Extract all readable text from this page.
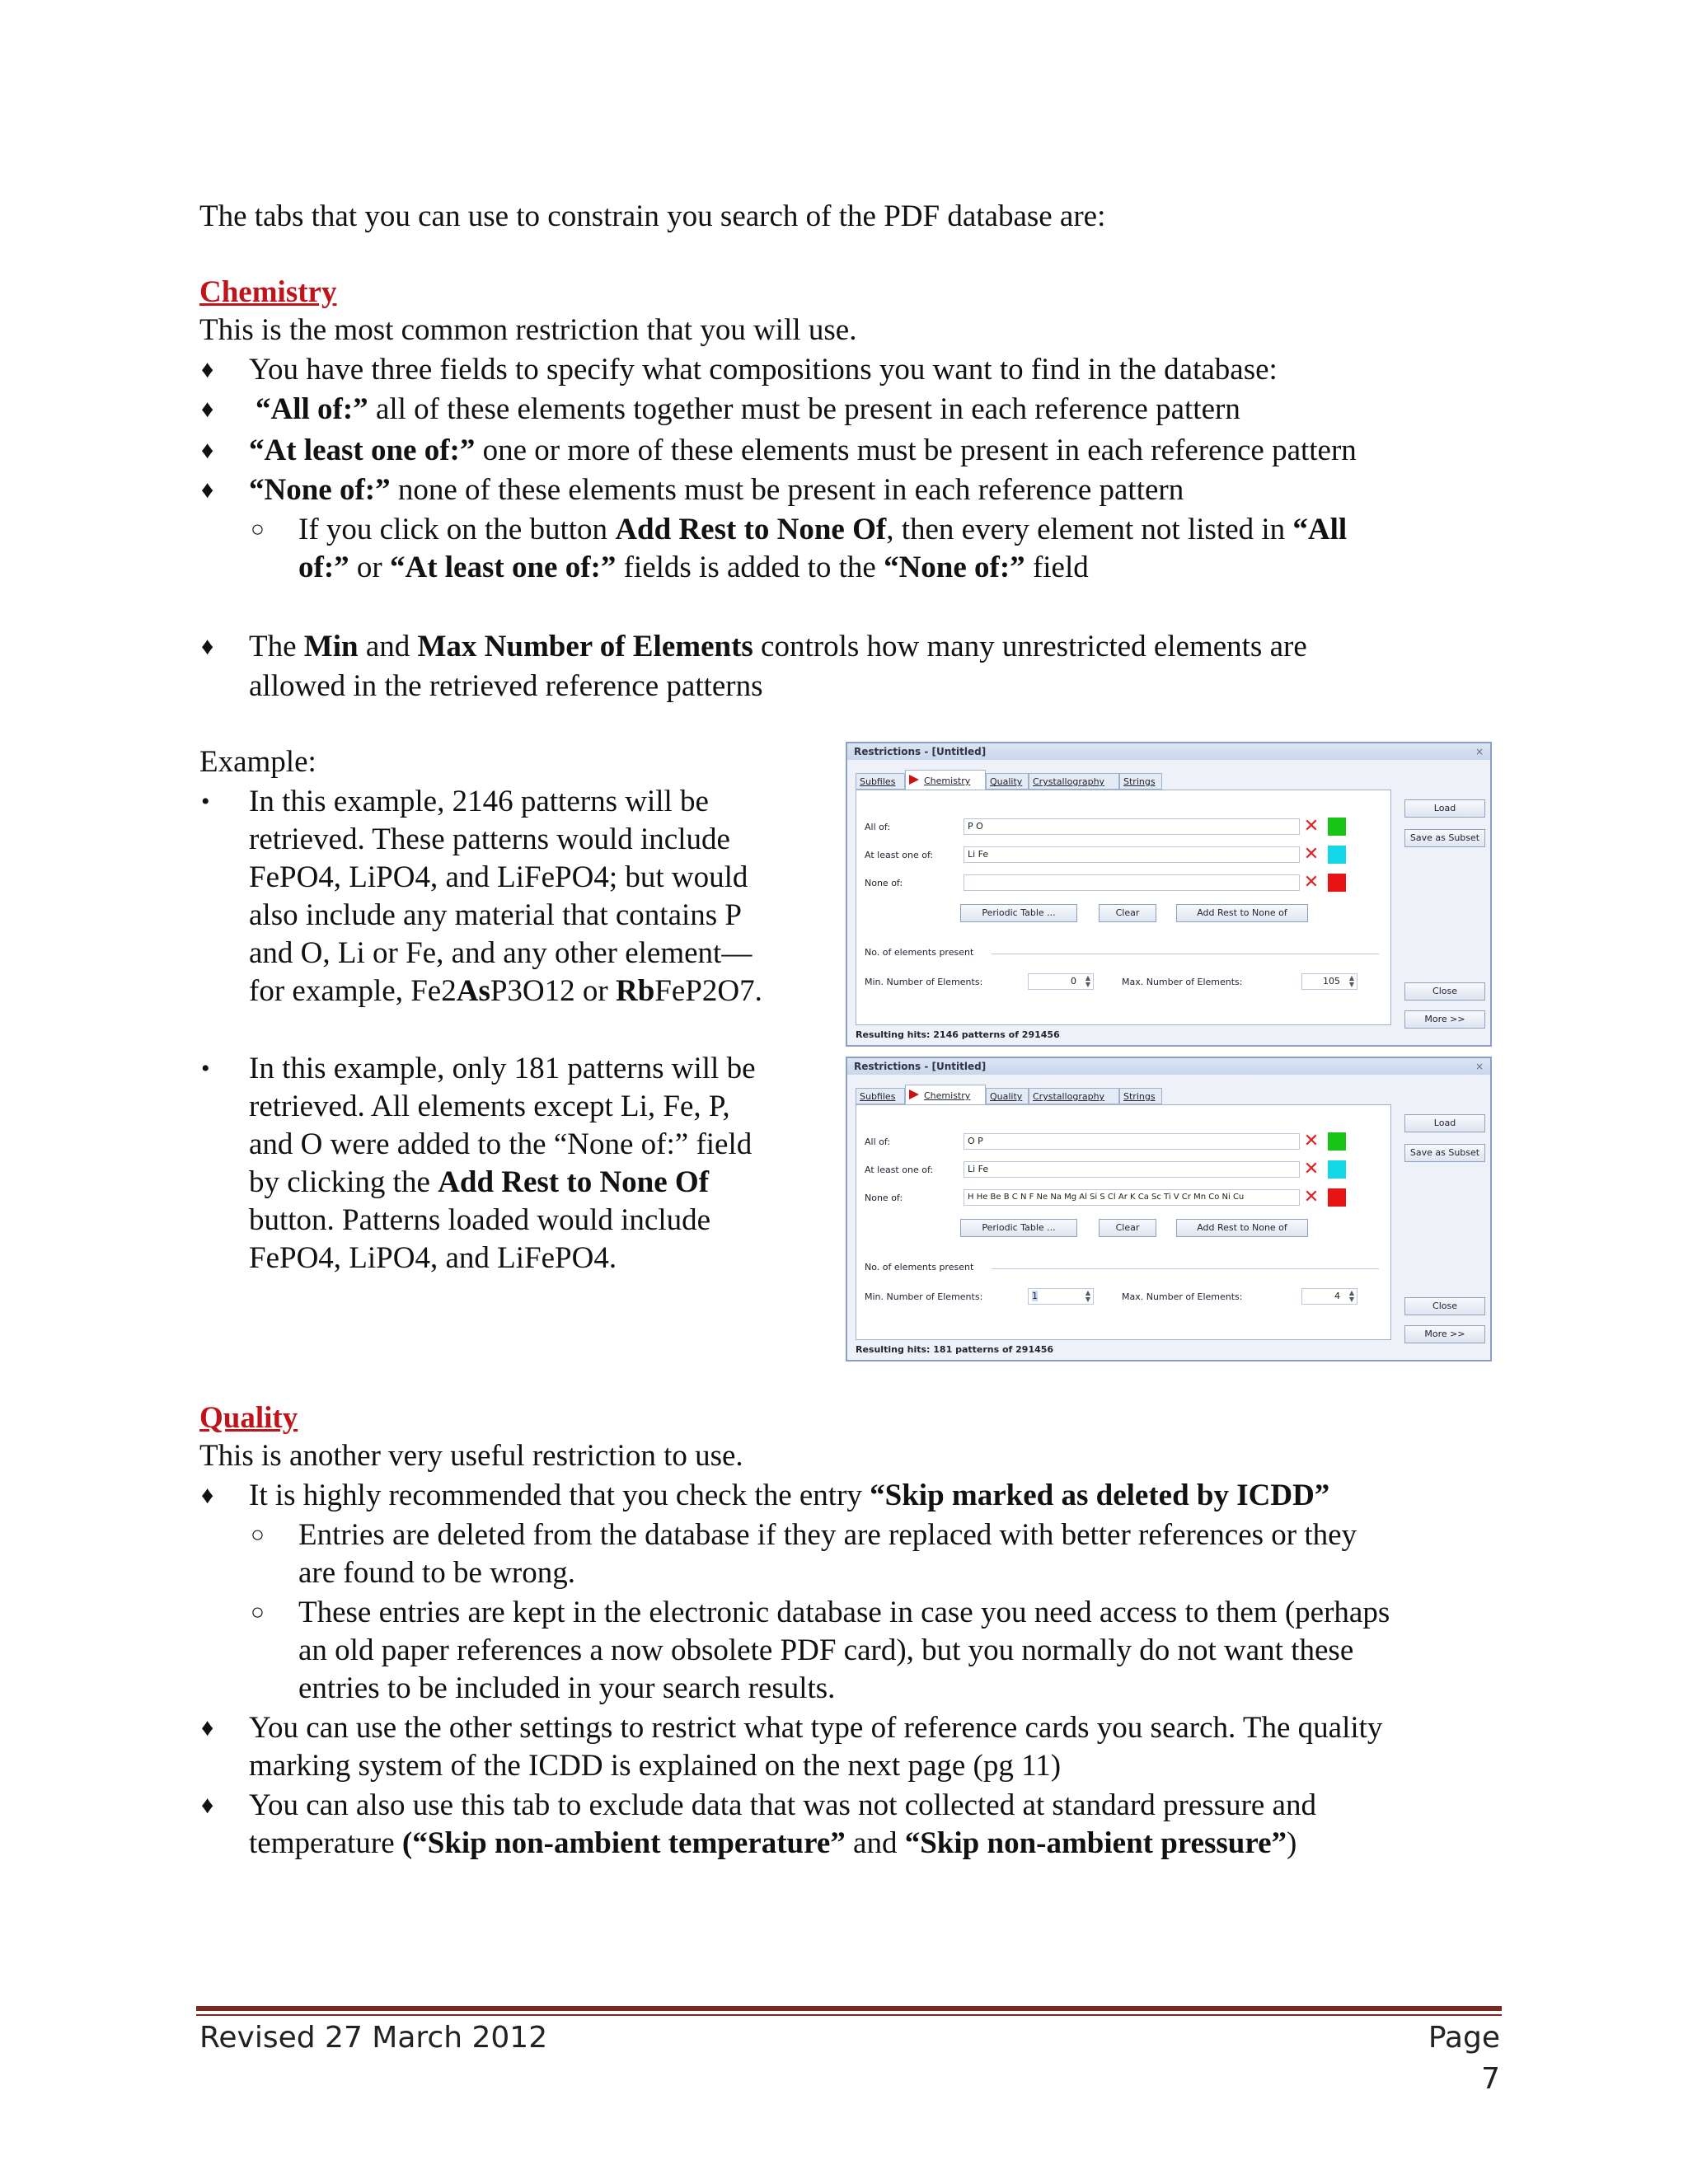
The tabs that you can use to constrain you search of the PDF database are:
Chemistry
This is the most common restriction that you will use.
♦ You have three fields to specify what compositions you want to find in the database:
♦ “All of:” all of these elements together must be present in each reference pattern
♦ “At least one of:” one or more of these elements must be present in each reference pattern
♦ “None of:” none of these elements must be present in each reference pattern
○ If you click on the button Add Rest to None Of, then every element not listed in “All
of:” or “At least one of:” fields is added to the “None of:” field
♦ The Min and Max Number of Elements controls how many unrestricted elements are
allowed in the retrieved reference patterns
Example:
• In this example, 2146 patterns will be
retrieved. These patterns would include
FePO4, LiPO4, and LiFePO4; but would
also include any material that contains P
and O, Li or Fe, and any other element—
for example, Fe2AsP3O12 or RbFeP2O7.
• In this example, only 181 patterns will be
retrieved. All elements except Li, Fe, P,
and O were added to the “None of:” field
by clicking the Add Rest to None Of
button. Patterns loaded would include
FePO4, LiPO4, and LiFePO4.
Restrictions - [Untitled]	×
Subfiles	Chemistry	Quality	Crystallography	Strings
All of:	P O	✕
At least one of:	Li Fe	✕
None of:	✕
Periodic Table ...	Clear	Add Rest to None of
No. of elements present
Min. Number of Elements:	0 ▲
▼	Max. Number of Elements:	105 ▲
▼
Load
Save as Subset
Close
More >>
Resulting hits: 2146 patterns of 291456
Restrictions - [Untitled]	×
Subfiles	Chemistry	Quality	Crystallography	Strings
All of:	O P	✕
At least one of:	Li Fe	✕
None of:	H He Be B C N F Ne Na Mg Al Si S Cl Ar K Ca Sc Ti V Cr Mn Co Ni Cu	✕
Periodic Table ...	Clear	Add Rest to None of
No. of elements present
Min. Number of Elements:	1	▲
▼	Max. Number of Elements:	4 ▲
▼
Load
Save as Subset
Close
More >>
Resulting hits: 181 patterns of 291456
Quality
This is another very useful restriction to use.
♦ It is highly recommended that you check the entry “Skip marked as deleted by ICDD”
○ Entries are deleted from the database if they are replaced with better references or they
are found to be wrong.
○ These entries are kept in the electronic database in case you need access to them (perhaps
an old paper references a now obsolete PDF card), but you normally do not want these
entries to be included in your search results.
♦ You can use the other settings to restrict what type of reference cards you search. The quality
marking system of the ICDD is explained on the next page (pg 11)
♦ You can also use this tab to exclude data that was not collected at standard pressure and
temperature (“Skip non-ambient temperature” and “Skip non-ambient pressure”)
Revised 27 March 2012	Page 7
